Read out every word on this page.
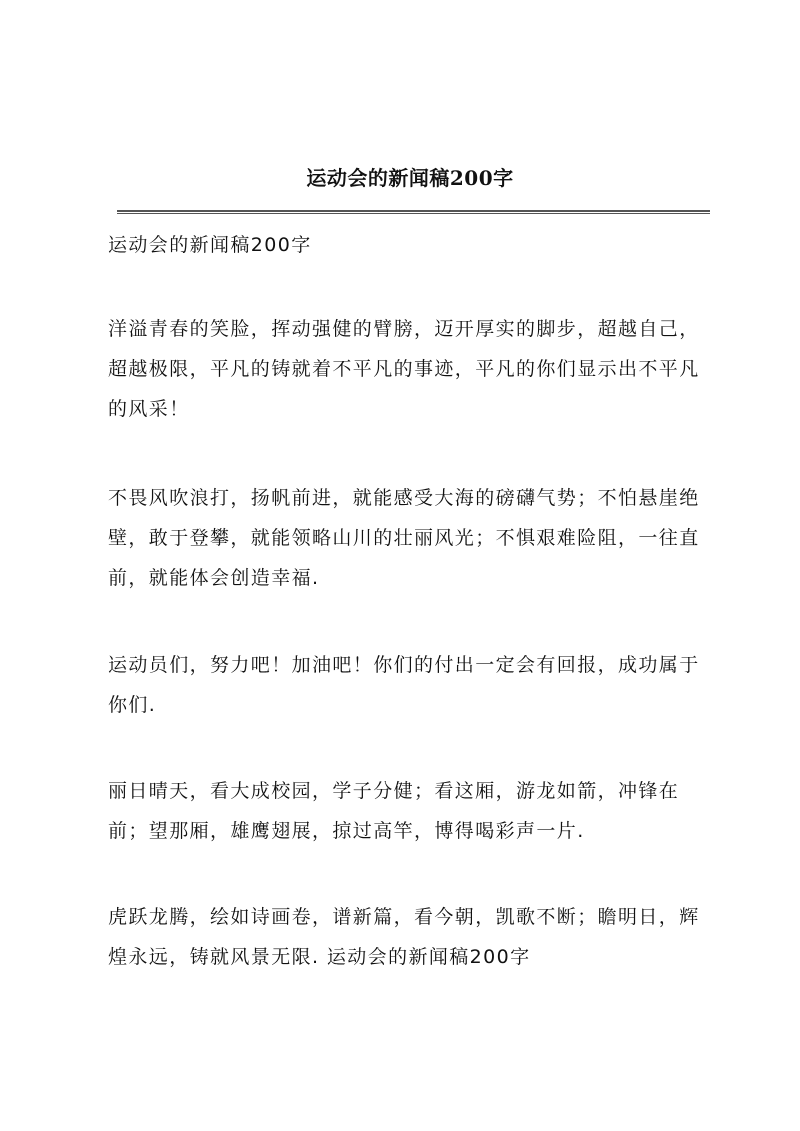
运动会的新闻稿200字

运动会的新闻稿200字

洋溢青春的笑脸，挥动强健的臂膀，迈开厚实的脚步，超越自己，超越极限，平凡的铸就着不平凡的事迹，平凡的你们显示出不平凡的风采！

不畏风吹浪打，扬帆前进，就能感受大海的磅礴气势；不怕悬崖绝壁，敢于登攀，就能领略山川的壮丽风光；不惧艰难险阻，一往直前，就能体会创造幸福.

运动员们，努力吧！加油吧！你们的付出一定会有回报，成功属于你们.

丽日晴天，看大成校园，学子分健；看这厢，游龙如箭，冲锋在前；望那厢，雄鹰翅展，掠过高竿，博得喝彩声一片.

虎跃龙腾，绘如诗画卷，谱新篇，看今朝，凯歌不断；瞻明日，辉煌永远，铸就风景无限. 运动会的新闻稿200字
